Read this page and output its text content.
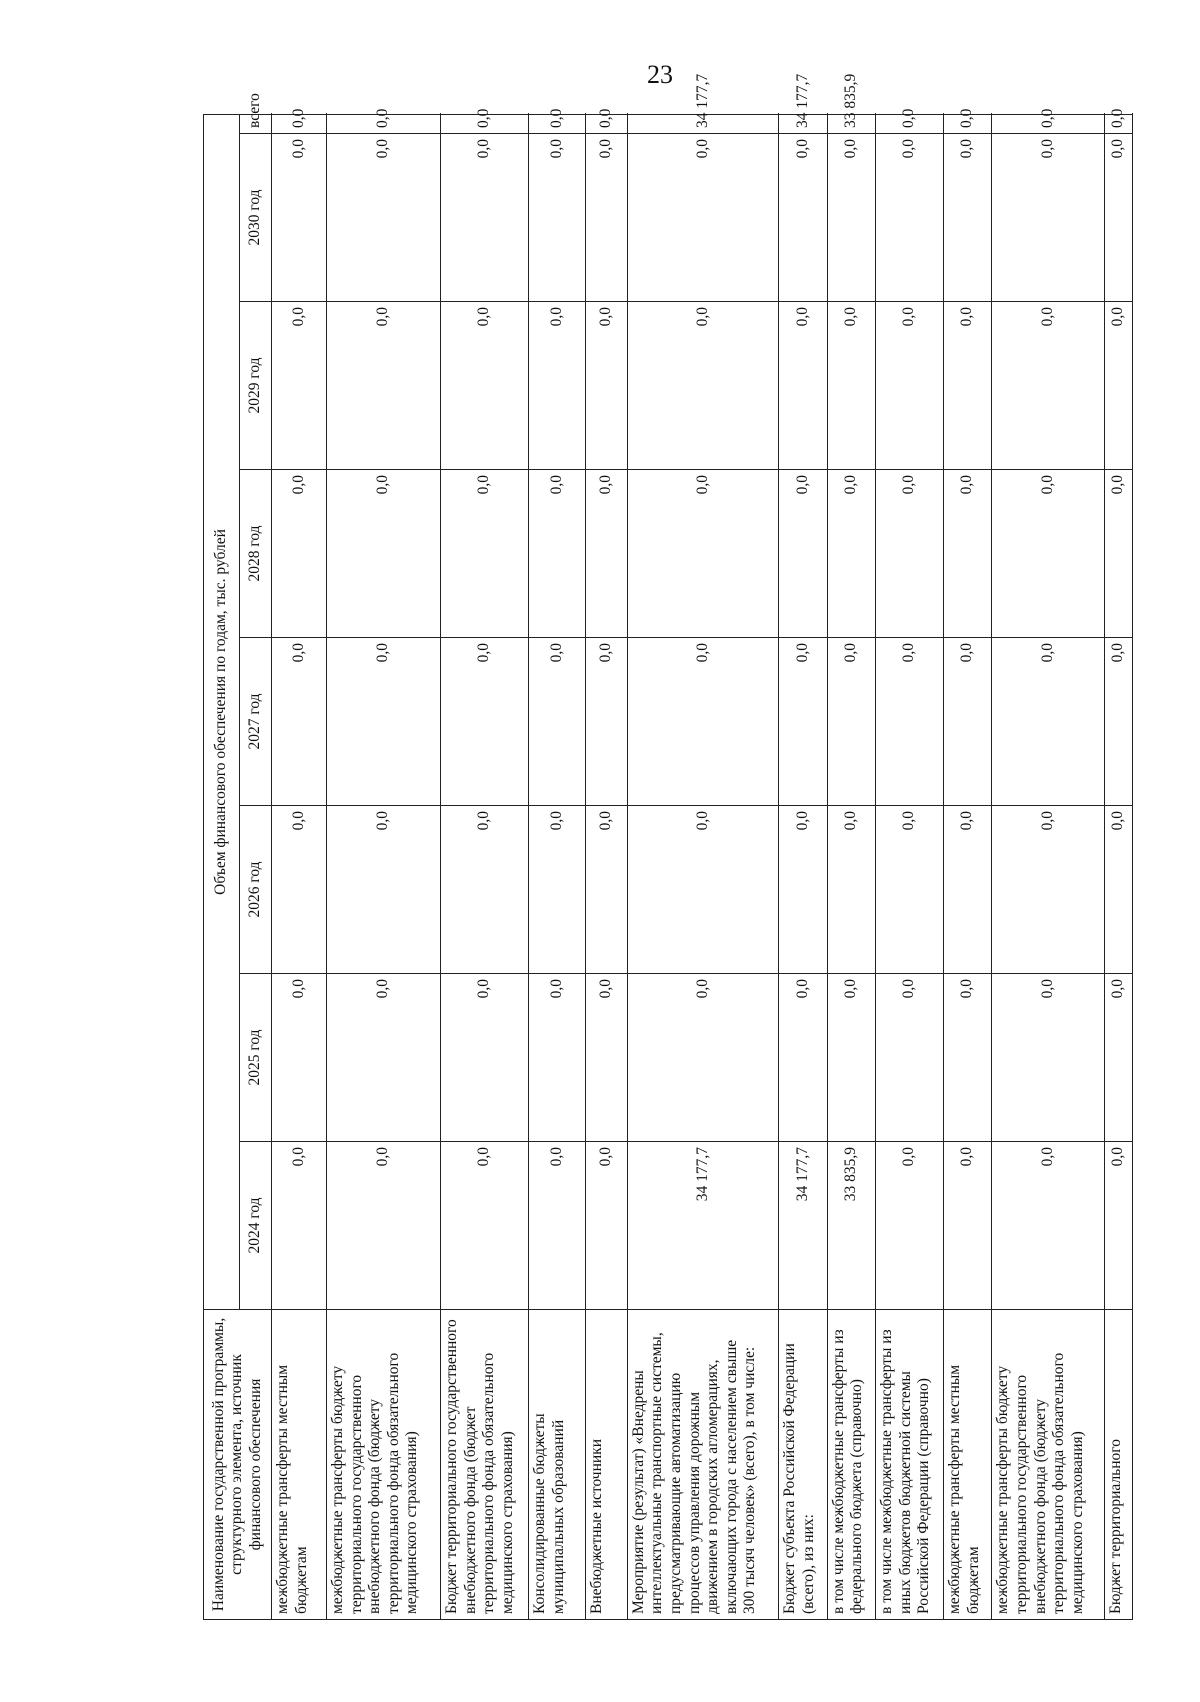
23
Наименование государственной программы, структурного элемента, источник финансового обеспечения	Объем финансового обеспечения по годам, тыс. рублей							
	2024 год	2025 год	2026 год	2027 год	2028 год	2029 год	2030 год	всего
межбюджетные трансферты местным бюджетам	0,0	0,0	0,0	0,0	0,0	0,0	0,0	0,0
межбюджетные трансферты бюджету территориального государственного внебюджетного фонда (бюджету территориального фонда обязательного медицинского страхования)	0,0	0,0	0,0	0,0	0,0	0,0	0,0	0,0
Бюджет территориального государственного внебюджетного фонда (бюджет территориального фонда обязательного медицинского страхования)	0,0	0,0	0,0	0,0	0,0	0,0	0,0	0,0
Консолидированные бюджеты муниципальных образований	0,0	0,0	0,0	0,0	0,0	0,0	0,0	0,0
Внебюджетные источники	0,0	0,0	0,0	0,0	0,0	0,0	0,0	0,0
Мероприятие (результат) «Внедрены интеллектуальные транспортные системы, предусматривающие автоматизацию процессов управления дорожным движением в городских агломерациях, включающих города с населением свыше 300 тысяч человек» (всего), в том числе:	34 177,7	0,0	0,0	0,0	0,0	0,0	0,0	34 177,7
Бюджет субъекта Российской Федерации (всего), из них:	34 177,7	0,0	0,0	0,0	0,0	0,0	0,0	34 177,7
в том числе межбюджетные трансферты из федерального бюджета (справочно)	33 835,9	0,0	0,0	0,0	0,0	0,0	0,0	33 835,9
в том числе межбюджетные трансферты из иных бюджетов бюджетной системы Российской Федерации (справочно)	0,0	0,0	0,0	0,0	0,0	0,0	0,0	0,0
межбюджетные трансферты местным бюджетам	0,0	0,0	0,0	0,0	0,0	0,0	0,0	0,0
межбюджетные трансферты бюджету территориального государственного внебюджетного фонда (бюджету территориального фонда обязательного медицинского страхования)	0,0	0,0	0,0	0,0	0,0	0,0	0,0	0,0
Бюджет территориального	0,0	0,0	0,0	0,0	0,0	0,0	0,0	0,0
